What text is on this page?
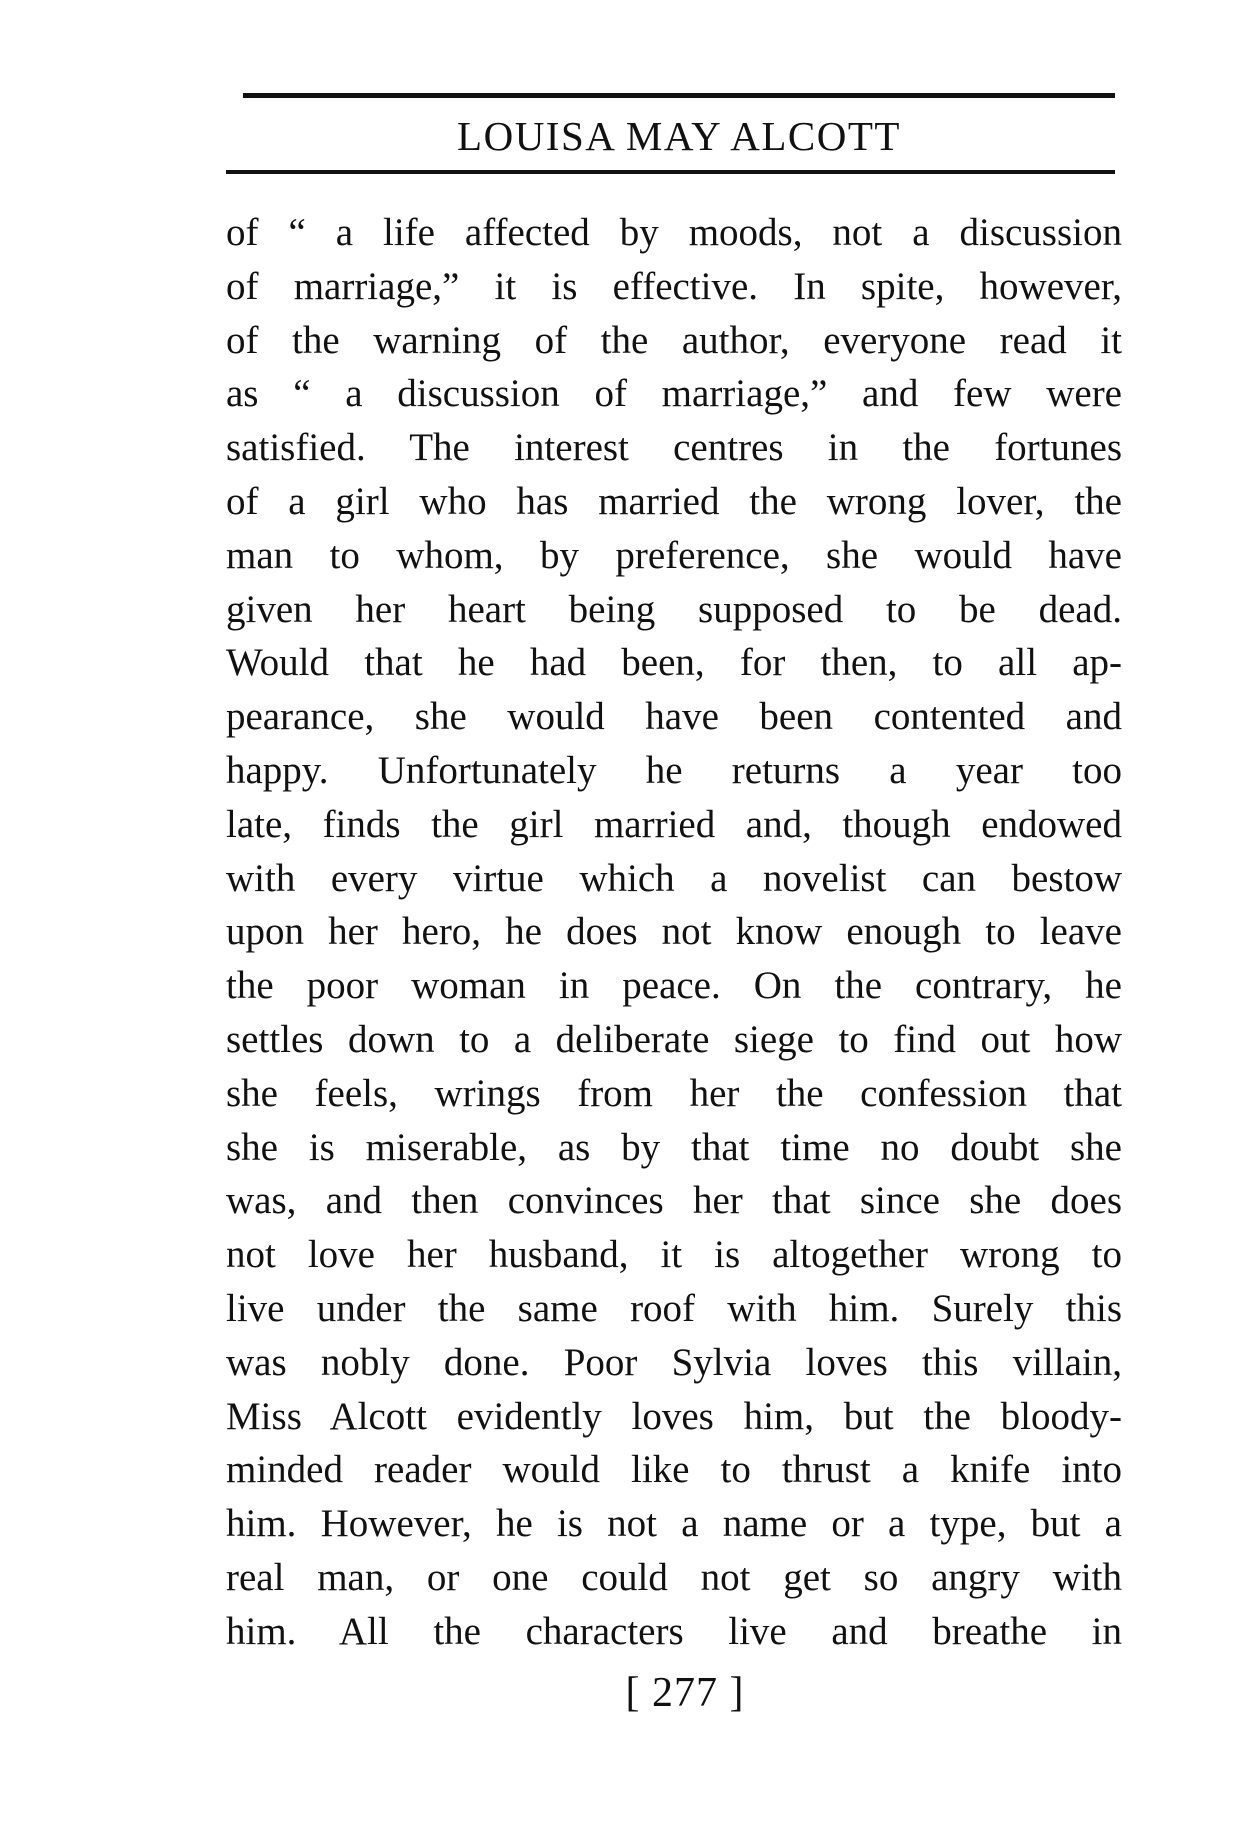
LOUISA MAY ALCOTT
of “ a life affected by moods, not a discussion
of marriage,” it is effective. In spite, however,
of the warning of the author, everyone read it
as “ a discussion of marriage,” and few were
satisfied. The interest centres in the fortunes
of a girl who has married the wrong lover, the
man to whom, by preference, she would have
given her heart being supposed to be dead.
Would that he had been, for then, to all ap-
pearance, she would have been contented and
happy. Unfortunately he returns a year too
late, finds the girl married and, though endowed
with every virtue which a novelist can bestow
upon her hero, he does not know enough to leave
the poor woman in peace. On the contrary, he
settles down to a deliberate siege to find out how
she feels, wrings from her the confession that
she is miserable, as by that time no doubt she
was, and then convinces her that since she does
not love her husband, it is altogether wrong to
live under the same roof with him. Surely this
was nobly done. Poor Sylvia loves this villain,
Miss Alcott evidently loves him, but the bloody-
minded reader would like to thrust a knife into
him. However, he is not a name or a type, but a
real man, or one could not get so angry with
him. All the characters live and breathe in
[ 277 ]
